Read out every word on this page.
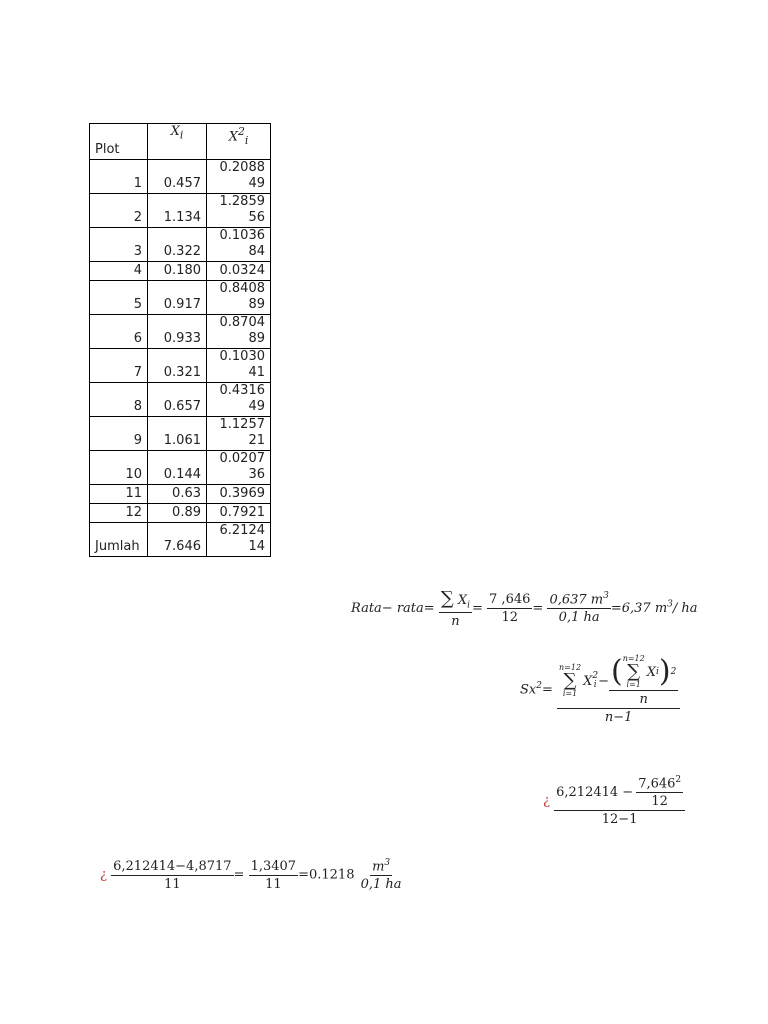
Plot	$X_i$	$X^2_i$
1	0.457	0.208849
2	1.134	1.285956
3	0.322	0.103684
4	0.180	0.0324
5	0.917	0.840889
6	0.933	0.870489
7	0.321	0.103041
8	0.657	0.431649
9	1.061	1.125721
10	0.144	0.020736
11	0.63	0.3969
12	0.89	0.7921
Jumlah	7.646	6.212414
Rata− rata= $\frac{\sum X_i}{n} = \frac{7 ,646}{12} = \frac{0,637 m^3}{0,1 ha} =6,37$ $m^3/$ ha
$Sx^2=$
n=12
∑
i=1
X 2
i − ( n=12
∑
i=1
X i ) 2
n
n−1
¿ $\frac{6,212414 - \frac{7,646^2}{12}}{12-1}$
¿ $\frac{6,212414-4,8717}{11} = \frac{1,3407}{11} =0.1218 \frac{m^3}{0,1 ha}$
